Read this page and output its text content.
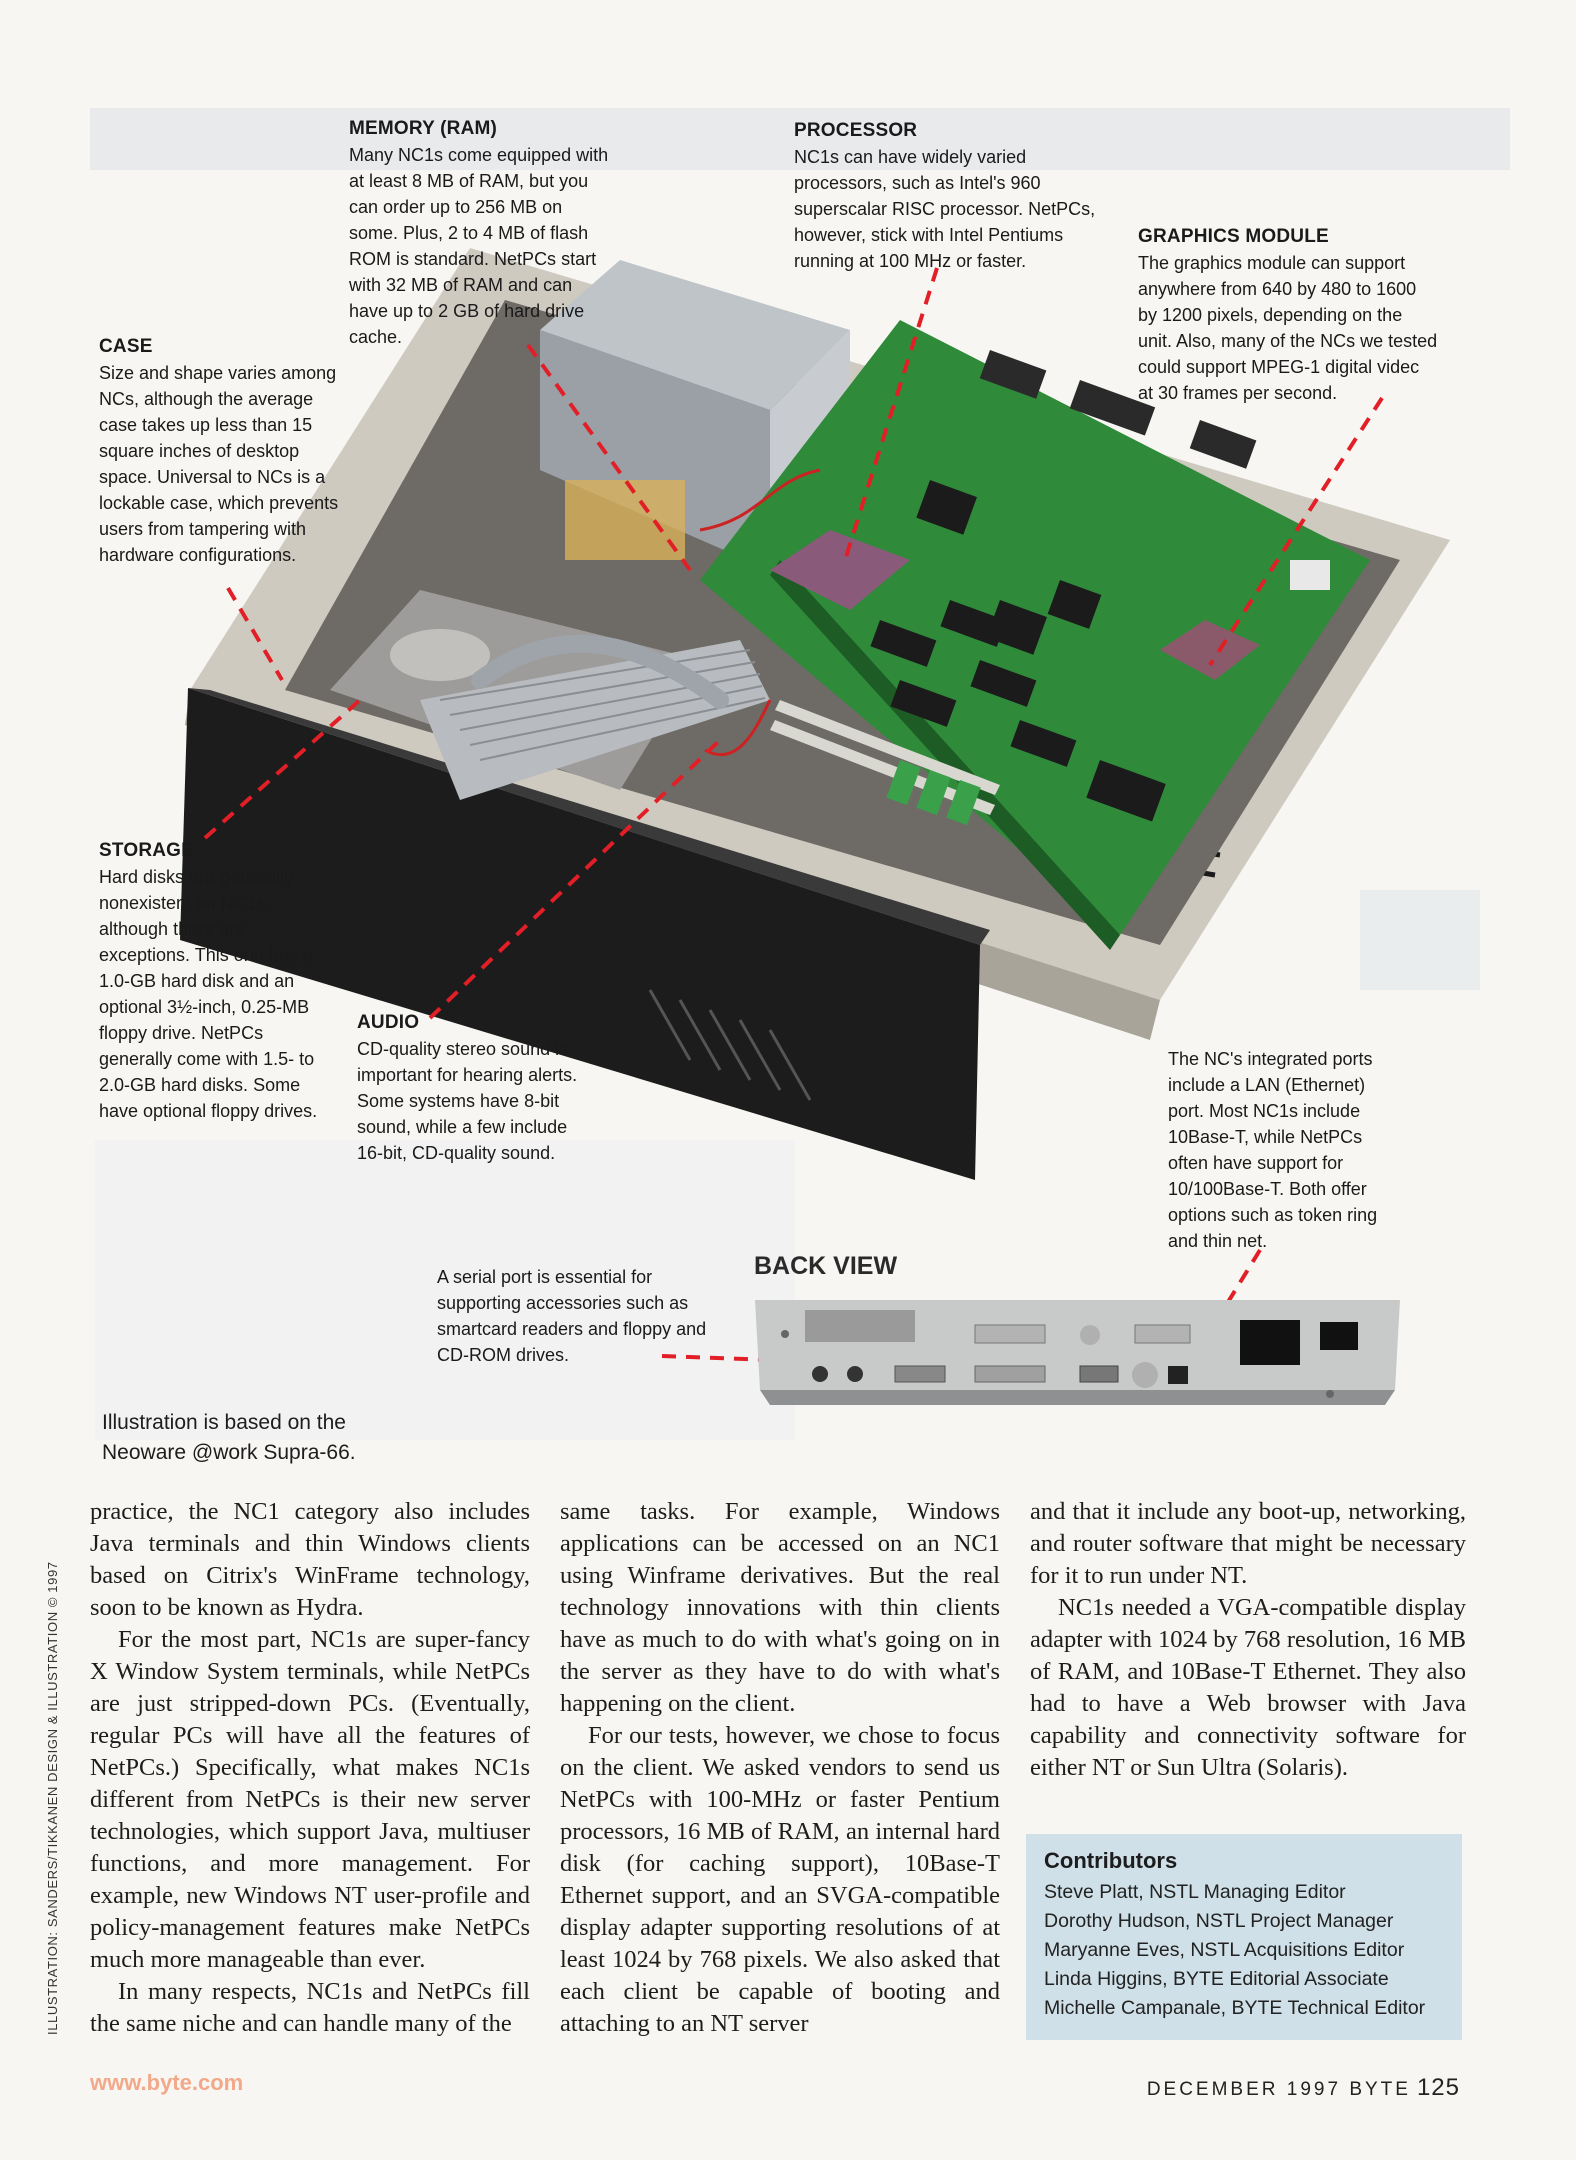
MEMORY (RAM)

Many NC1s come equipped with at least 8 MB of RAM, but you can order up to 256 MB on some. Plus, 2 to 4 MB of flash ROM is standard. NetPCs start with 32 MB of RAM and can have up to 2 GB of hard drive cache.

PROCESSOR

NC1s can have widely varied processors, such as Intel's 960 superscalar RISC processor. NetPCs, however, stick with Intel Pentiums running at 100 MHz or faster.

GRAPHICS MODULE

The graphics module can support anywhere from 640 by 480 to 1600 by 1200 pixels, depending on the unit. Also, many of the NCs we tested could support MPEG-1 digital videc at 30 frames per second.

CASE

Size and shape varies among NCs, although the average case takes up less than 15 square inches of desktop space. Universal to NCs is a lockable case, which prevents users from tampering with hardware configurations.

STORAGE

Hard disks are generally nonexistent on NC1s, although there are exceptions. This one has a 1.0-GB hard disk and an optional 3½-inch, 0.25-MB floppy drive. NetPCs generally come with 1.5- to 2.0-GB hard disks. Some have optional floppy drives.

AUDIO

CD-quality stereo sound is important for hearing alerts. Some systems have 8-bit sound, while a few include 16-bit, CD-quality sound.

The NC's integrated ports include a LAN (Ethernet) port. Most NC1s include 10Base-T, while NetPCs often have support for 10/100Base-T. Both offer options such as token ring and thin net.

A serial port is essential for supporting accessories such as smartcard readers and floppy and CD-ROM drives.

BACK VIEW
Illustration is based on the Neoware @work Supra-66.

practice, the NC1 category also includes Java terminals and thin Windows clients based on Citrix's WinFrame technology, soon to be known as Hydra.

For the most part, NC1s are super-fancy X Window System terminals, while NetPCs are just stripped-down PCs. (Eventually, regular PCs will have all the features of NetPCs.) Specifically, what makes NC1s different from NetPCs is their new server technologies, which support Java, multiuser functions, and more management. For example, new Windows NT user-profile and policy-management features make NetPCs much more manageable than ever.

In many respects, NC1s and NetPCs fill the same niche and can handle many of the

same tasks. For example, Windows applications can be accessed on an NC1 using Winframe derivatives. But the real technology innovations with thin clients have as much to do with what's going on in the server as they have to do with what's happening on the client.

For our tests, however, we chose to focus on the client. We asked vendors to send us NetPCs with 100-MHz or faster Pentium processors, 16 MB of RAM, an internal hard disk (for caching support), 10Base-T Ethernet support, and an SVGA-compatible display adapter supporting resolutions of at least 1024 by 768 pixels. We also asked that each client be capable of booting and attaching to an NT server

and that it include any boot-up, networking, and router software that might be necessary for it to run under NT.

NC1s needed a VGA-compatible display adapter with 1024 by 768 resolution, 16 MB of RAM, and 10Base-T Ethernet. They also had to have a Web browser with Java capability and connectivity software for either NT or Sun Ultra (Solaris).

Contributors
Steve Platt, NSTL Managing Editor
Dorothy Hudson, NSTL Project Manager
Maryanne Eves, NSTL Acquisitions Editor
Linda Higgins, BYTE Editorial Associate
Michelle Campanale, BYTE Technical Editor
ILLUSTRATION: SANDERS/TIKKANEN DESIGN & ILLUSTRATION © 1997
www.byte.com	DECEMBER 1997 BYTE 125
